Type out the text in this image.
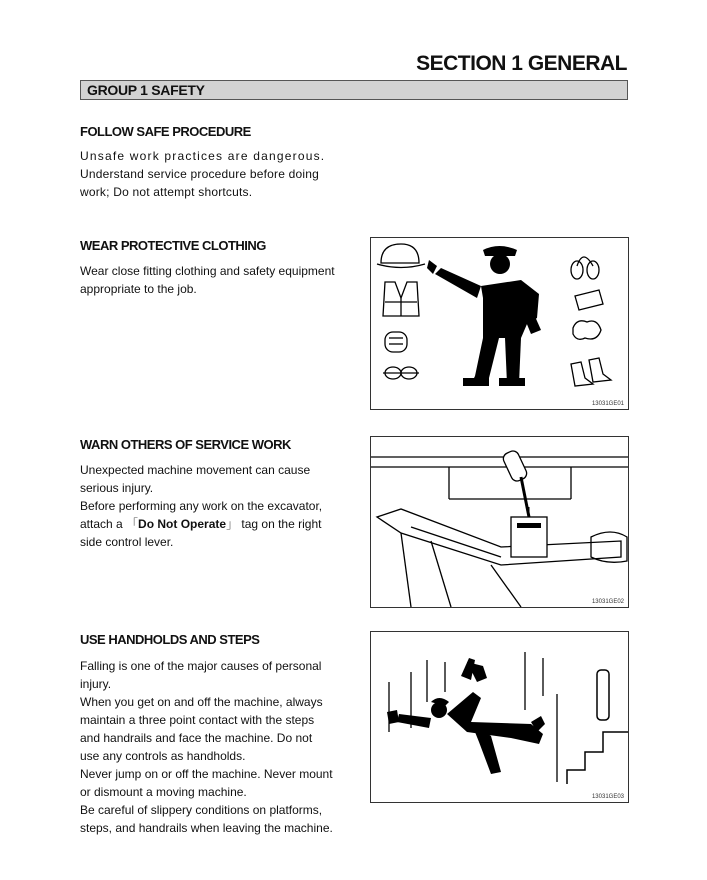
SECTION 1 GENERAL
GROUP 1 SAFETY
FOLLOW SAFE PROCEDURE

Unsafe work practices are dangerous.

Understand service procedure before doing

work; Do not attempt shortcuts.

WEAR PROTECTIVE CLOTHING

Wear close fitting clothing and safety equipment

appropriate to the job.

13031GE01
WARN OTHERS OF SERVICE WORK

Unexpected machine movement can cause

serious injury.

Before performing any work on the excavator,

attach a 「Do Not Operate」 tag on the right

side control lever.

13031GE02
USE HANDHOLDS AND STEPS

Falling is one of the major causes of personal

injury.

When you get on and off the machine, always

maintain a three point contact with the steps

and handrails and face the machine. Do not

use any controls as handholds.

Never jump on or off the machine. Never mount

or dismount a moving machine.

Be careful of slippery conditions on platforms,

steps, and handrails when leaving the machine.

13031GE03
